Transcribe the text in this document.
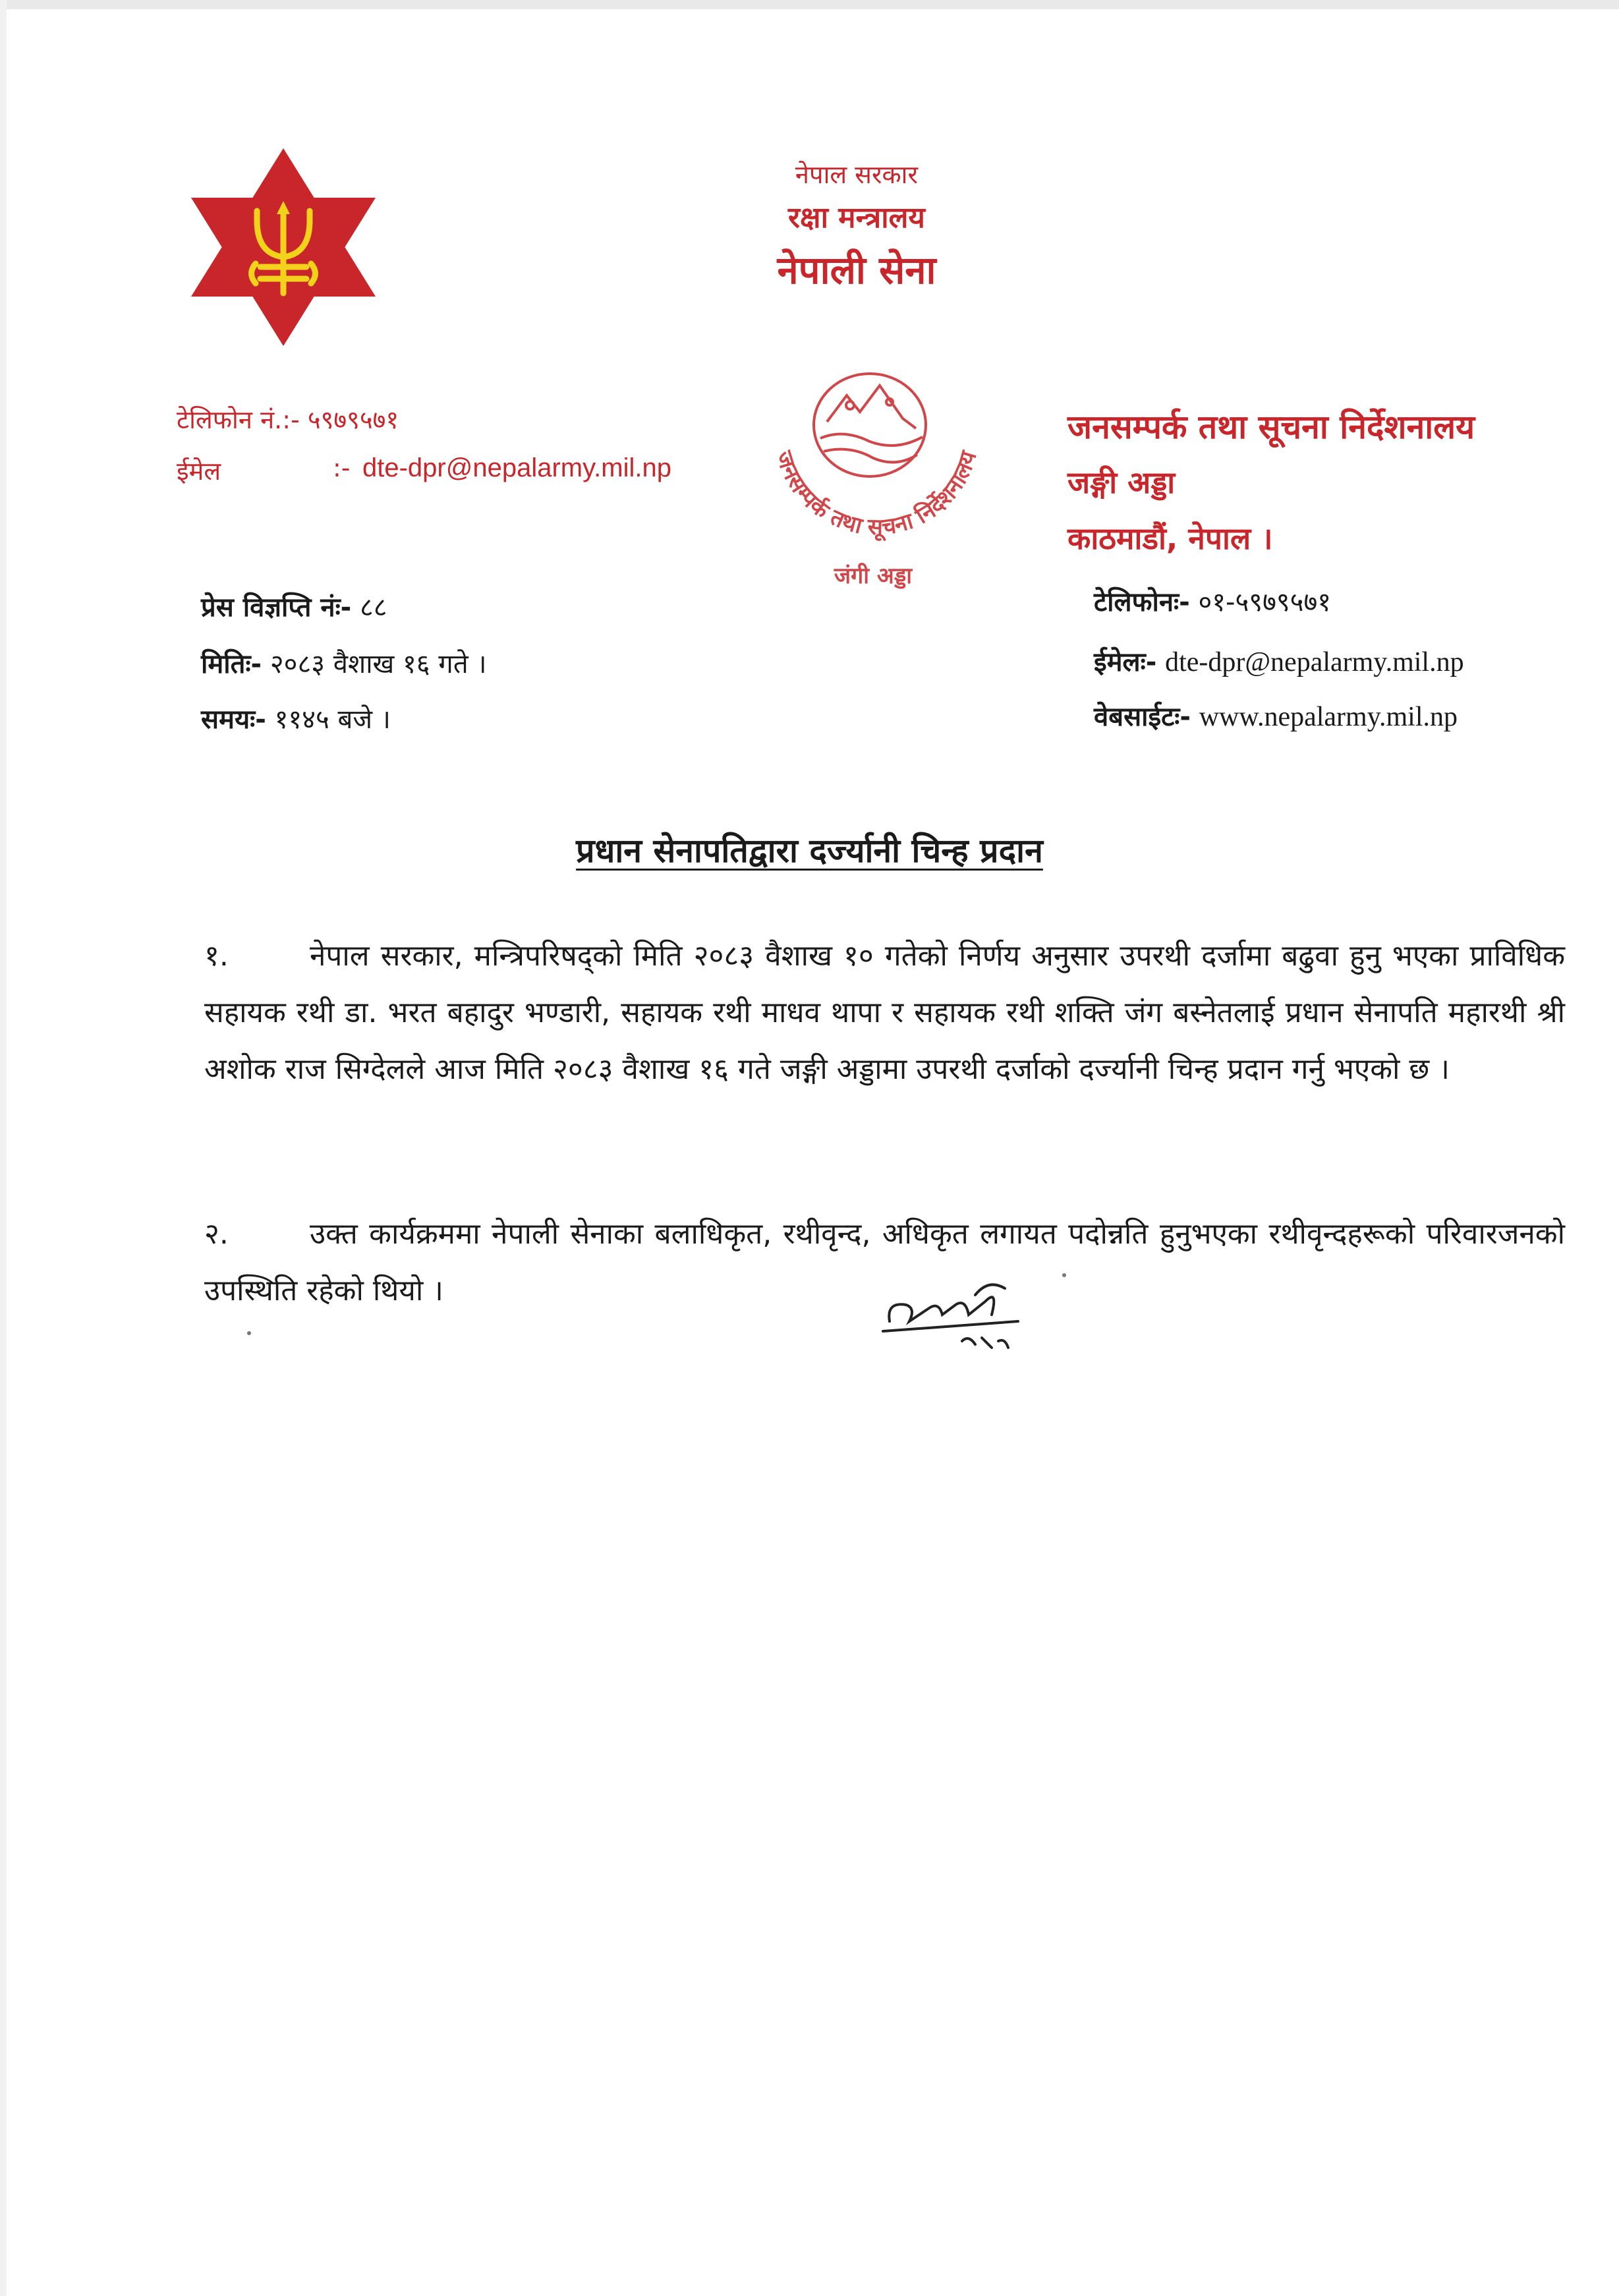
नेपाल सरकार
रक्षा मन्त्रालय
नेपाली सेना
टेलिफोन नं.:- ५९७९५७१
ईमेल	:- dte-dpr@nepalarmy.mil.np	जनसम्पर्क तथा सूचना निर्देशनालय
जंगी अड्डा
जनसम्पर्क तथा सूचना निर्देशनालय
जङ्गी अड्डा
काठमाडौं, नेपाल ।
प्रेस विज्ञप्ति नंः- ८८
मितिः- २०८३ वैशाख १६ गते ।
समयः- ११४५ बजे ।
टेलिफोनः- ०१-५९७९५७१
ईमेलः- dte-dpr@nepalarmy.mil.np
वेबसाईटः- www.nepalarmy.mil.np
प्रधान सेनापतिद्वारा दर्ज्यानी चिन्ह प्रदान
१.	नेपाल सरकार, मन्त्रिपरिषद्को मिति २०८३ वैशाख १० गतेको निर्णय अनुसार उपरथी दर्जामा बढुवा हुनु भएका प्राविधिक सहायक रथी डा. भरत बहादुर भण्डारी, सहायक रथी माधव थापा र सहायक रथी शक्ति जंग बस्नेतलाई प्रधान सेनापति महारथी श्री अशोक राज सिग्देलले आज मिति २०८३ वैशाख १६ गते जङ्गी अड्डामा उपरथी दर्जाको दर्ज्यानी चिन्ह प्रदान गर्नु भएको छ ।
२.	उक्त कार्यक्रममा नेपाली सेनाका बलाधिकृत, रथीवृन्द, अधिकृत लगायत पदोन्नति हुनुभएका रथीवृन्दहरूको परिवारजनको उपस्थिति रहेको थियो ।
